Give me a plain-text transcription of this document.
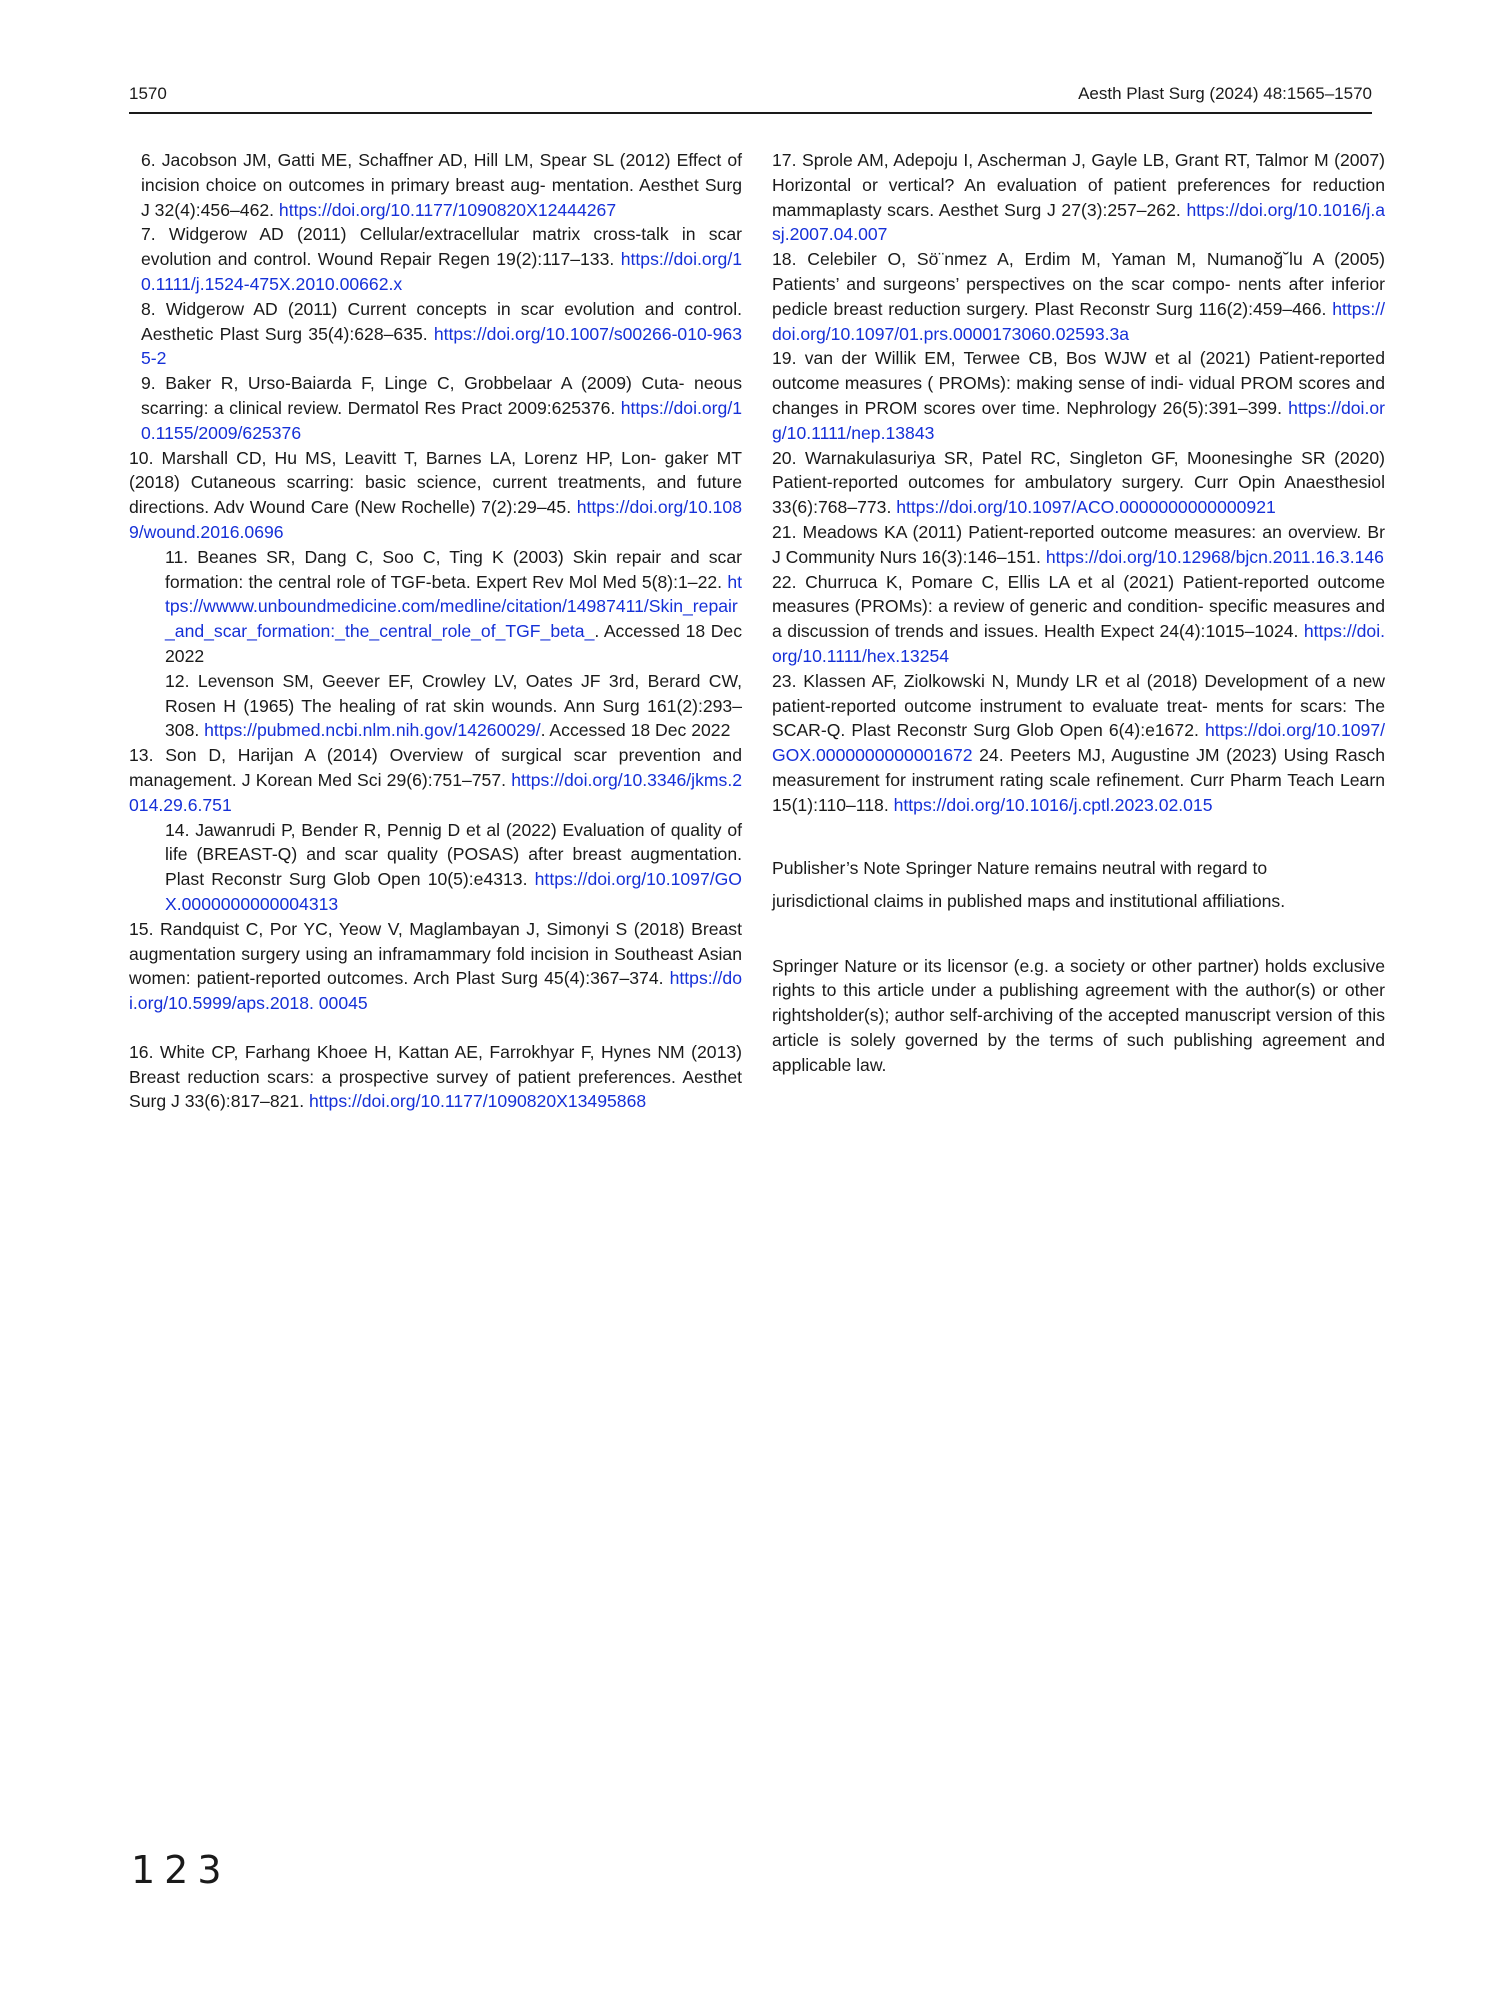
1570	Aesth Plast Surg (2024) 48:1565–1570

6. Jacobson JM, Gatti ME, Schaffner AD, Hill LM, Spear SL (2012) Effect of incision choice on outcomes in primary breast aug- mentation. Aesthet Surg J 32(4):456–462. https://doi.org/10.1177/1090820X12444267

7. Widgerow AD (2011) Cellular/extracellular matrix cross-talk in scar evolution and control. Wound Repair Regen 19(2):117–133. https://doi.org/10.1111/j.1524-475X.2010.00662.x

8. Widgerow AD (2011) Current concepts in scar evolution and control. Aesthetic Plast Surg 35(4):628–635. https://doi.org/10.1007/s00266-010-9635-2

9. Baker R, Urso-Baiarda F, Linge C, Grobbelaar A (2009) Cuta- neous scarring: a clinical review. Dermatol Res Pract 2009:625376. https://doi.org/10.1155/2009/625376

10. Marshall CD, Hu MS, Leavitt T, Barnes LA, Lorenz HP, Lon- gaker MT (2018) Cutaneous scarring: basic science, current treatments, and future directions. Adv Wound Care (New Rochelle) 7(2):29–45. https://doi.org/10.1089/wound.2016.0696

11. Beanes SR, Dang C, Soo C, Ting K (2003) Skin repair and scar formation: the central role of TGF-beta. Expert Rev Mol Med 5(8):1–22. https://wwww.unboundmedicine.com/medline/citation/14987411/Skin_repair_and_scar_formation:_the_central_role_of_TGF_beta_. Accessed 18 Dec 2022

12. Levenson SM, Geever EF, Crowley LV, Oates JF 3rd, Berard CW, Rosen H (1965) The healing of rat skin wounds. Ann Surg 161(2):293–308. https://pubmed.ncbi.nlm.nih.gov/14260029/. Accessed 18 Dec 2022

13. Son D, Harijan A (2014) Overview of surgical scar prevention and management. J Korean Med Sci 29(6):751–757. https://doi.org/10.3346/jkms.2014.29.6.751

14. Jawanrudi P, Bender R, Pennig D et al (2022) Evaluation of quality of life (BREAST-Q) and scar quality (POSAS) after breast augmentation. Plast Reconstr Surg Glob Open 10(5):e4313. https://doi.org/10.1097/GOX.0000000000004313

15. Randquist C, Por YC, Yeow V, Maglambayan J, Simonyi S (2018) Breast augmentation surgery using an inframammary fold incision in Southeast Asian women: patient-reported outcomes. Arch Plast Surg 45(4):367–374. https://doi.org/10.5999/aps.2018. 00045

16. White CP, Farhang Khoee H, Kattan AE, Farrokhyar F, Hynes NM (2013) Breast reduction scars: a prospective survey of patient preferences. Aesthet Surg J 33(6):817–821. https://doi.org/10.1177/1090820X13495868

17. Sprole AM, Adepoju I, Ascherman J, Gayle LB, Grant RT, Talmor M (2007) Horizontal or vertical? An evaluation of patient preferences for reduction mammaplasty scars. Aesthet Surg J 27(3):257–262. https://doi.org/10.1016/j.asj.2007.04.007

18. Celebiler O, Sö¨nmez A, Erdim M, Yaman M, Numanoğ˘lu A (2005) Patients’ and surgeons’ perspectives on the scar compo- nents after inferior pedicle breast reduction surgery. Plast Reconstr Surg 116(2):459–466. https://doi.org/10.1097/01.prs.0000173060.02593.3a

19. van der Willik EM, Terwee CB, Bos WJW et al (2021) Patient-reported outcome measures ( PROMs): making sense of indi- vidual PROM scores and changes in PROM scores over time. Nephrology 26(5):391–399. https://doi.org/10.1111/nep.13843

20. Warnakulasuriya SR, Patel RC, Singleton GF, Moonesinghe SR (2020) Patient-reported outcomes for ambulatory surgery. Curr Opin Anaesthesiol 33(6):768–773. https://doi.org/10.1097/ACO.0000000000000921

21. Meadows KA (2011) Patient-reported outcome measures: an overview. Br J Community Nurs 16(3):146–151. https://doi.org/10.12968/bjcn.2011.16.3.146

22. Churruca K, Pomare C, Ellis LA et al (2021) Patient-reported outcome measures (PROMs): a review of generic and condition- specific measures and a discussion of trends and issues. Health Expect 24(4):1015–1024. https://doi.org/10.1111/hex.13254

23. Klassen AF, Ziolkowski N, Mundy LR et al (2018) Development of a new patient-reported outcome instrument to evaluate treat- ments for scars: The SCAR-Q. Plast Reconstr Surg Glob Open 6(4):e1672. https://doi.org/10.1097/GOX.0000000000001672 24. Peeters MJ, Augustine JM (2023) Using Rasch measurement for instrument rating scale refinement. Curr Pharm Teach Learn 15(1):110–118. https://doi.org/10.1016/j.cptl.2023.02.015

Publisher’s Note Springer Nature remains neutral with regard to

jurisdictional claims in published maps and institutional affiliations.

Springer Nature or its licensor (e.g. a society or other partner) holds exclusive rights to this article under a publishing agreement with the author(s) or other rightsholder(s); author self-archiving of the accepted manuscript version of this article is solely governed by the terms of such publishing agreement and applicable law.

123
